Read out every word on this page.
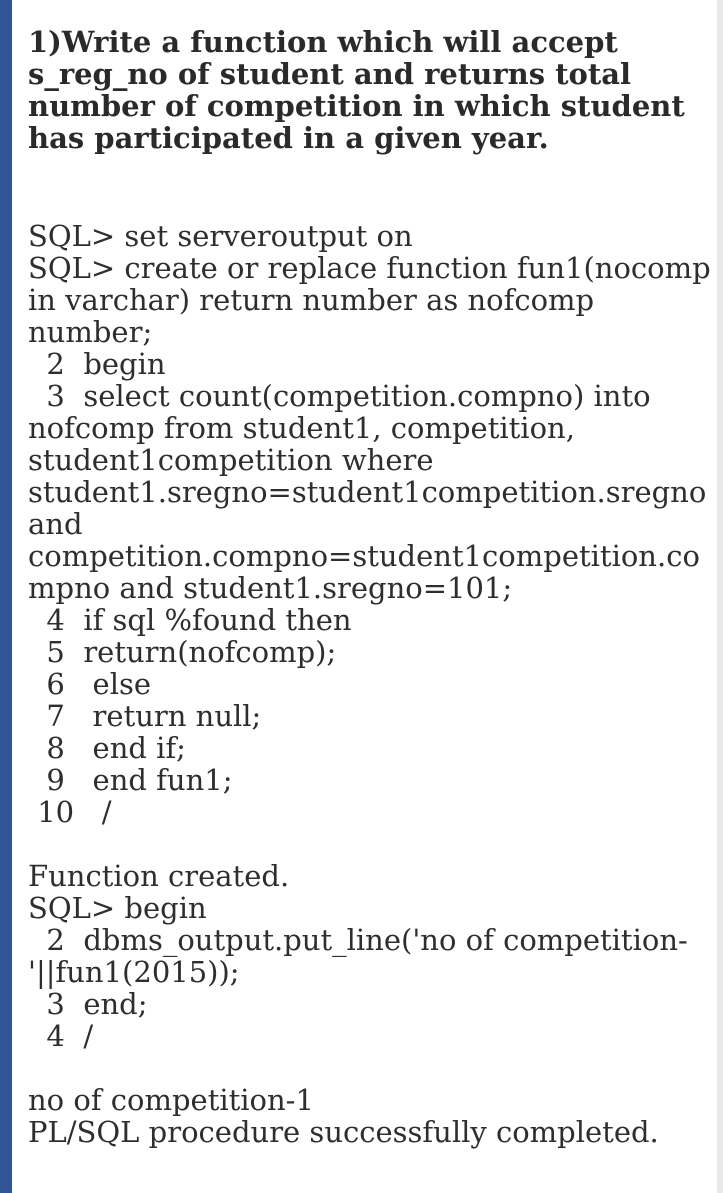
1)Write a function which will accept
s_reg_no of student and returns total
number of competition in which student
has participated in a given year.

SQL> set serveroutput on
SQL> create or replace function fun1(nocomp
in varchar) return number as nofcomp
number;
2  begin
3  select count(competition.compno) into
nofcomp from student1, competition,
student1competition where
student1.sregno=student1competition.sregno
and
competition.compno=student1competition.co
mpno and student1.sregno=101;
4  if sql %found then
5  return(nofcomp);
6   else
7   return null;
8   end if;
9   end fun1;
10   /
Function created.
SQL> begin
2  dbms_output.put_line('no of competition-
'||fun1(2015));
3  end;
4  /
no of competition-1
PL/SQL procedure successfully completed.
